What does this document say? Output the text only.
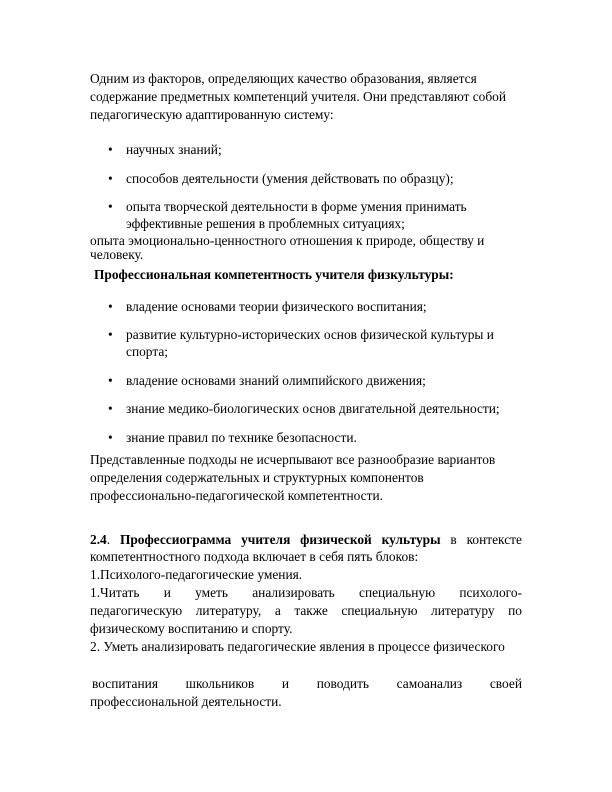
Одним из факторов, определяющих качество образования, является

содержание предметных компетенций учителя. Они представляют собой

педагогическую адаптированную систему:

• научных знаний;
• способов деятельности (умения действовать по образцу);
• опыта творческой деятельности в форме умения принимать
эффективные решения в проблемных ситуациях;

опыта эмоционально-ценностного отношения к природе, обществу и

человеку.

Профессиональная компетентность учителя физкультуры:

• владение основами теории физического воспитания;
• развитие культурно-исторических основ физической культуры и
спорта;
• владение основами знаний олимпийского движения;
• знание медико-биологических основ двигательной деятельности;
• знание правил по технике безопасности.

Представленные подходы не исчерпывают все разнообразие вариантов

определения содержательных и структурных компонентов

профессионально-педагогической компетентности.

2.4. Профессиограмма учителя физической культуры в контексте

компетентностного подхода включает в себя пять блоков:

1.Психолого-педагогические умения.

1.Читать и уметь анализировать специальную психолого-

педагогическую литературу, а также специальную литературу по

физическому воспитанию и спорту.

2. Уметь анализировать педагогические явления в процессе физического

воспитания школьников и поводить самоанализ своей

профессиональной деятельности.
